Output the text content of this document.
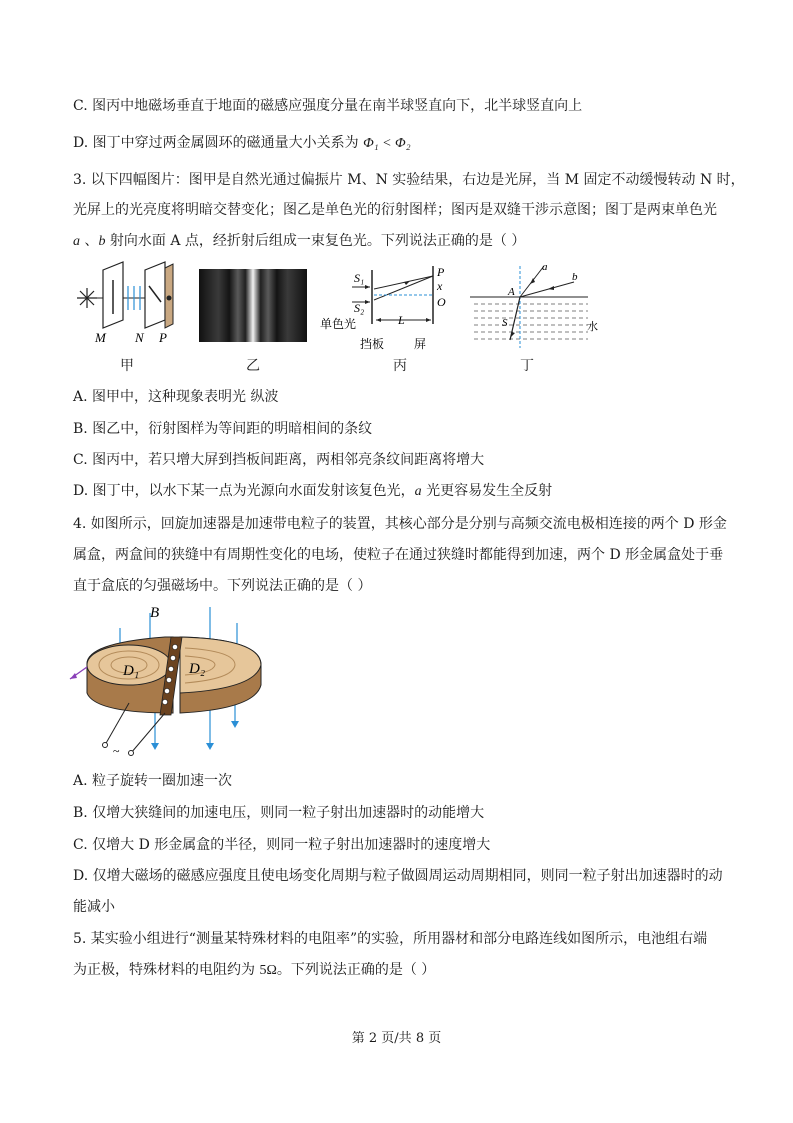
C. 图丙中地磁场垂直于地面的磁感应强度分量在南半球竖直向下，北半球竖直向上
D. 图丁中穿过两金属圆环的磁通量大小关系为 Φ₁ < Φ₂
3. 以下四幅图片：图甲是自然光通过偏振片 M、N 实验结果，右边是光屏，当 M 固定不动缓慢转动 N 时，
光屏上的光亮度将明暗交替变化；图乙是单色光的衍射图样；图丙是双缝干涉示意图；图丁是两束单色光
a 、b 射向水面 A 点，经折射后组成一束复色光。下列说法正确的是（ ）
M N P
甲	乙
S₁
S₂
单色光	L
P
x
O
挡板 屏
丙
a
b
A
S	水
丁
A. 图甲中，这种现象表明光 纵波
B. 图乙中，衍射图样为等间距的明暗相间的条纹
C. 图丙中，若只增大屏到挡板间距离，两相邻亮条纹间距离将增大
D. 图丁中，以水下某一点为光源向水面发射该复色光，a 光更容易发生全反射
4. 如图所示，回旋加速器是加速带电粒子的装置，其核心部分是分别与高频交流电极相连接的两个 D 形金
属盒，两盒间的狭缝中有周期性变化的电场，使粒子在通过狭缝时都能得到加速，两个 D 形金属盒处于垂
直于盒底的匀强磁场中。下列说法正确的是（ ）
B
D₁	D₂
~
A. 粒子旋转一圈加速一次
B. 仅增大狭缝间的加速电压，则同一粒子射出加速器时的动能增大
C. 仅增大 D 形金属盒的半径，则同一粒子射出加速器时的速度增大
D. 仅增大磁场的磁感应强度且使电场变化周期与粒子做圆周运动周期相同，则同一粒子射出加速器时的动
能减小
5. 某实验小组进行“测量某特殊材料的电阻率”的实验，所用器材和部分电路连线如图所示，电池组右端
为正极，特殊材料的电阻约为 5Ω。下列说法正确的是（ ）
第 2 页/共 8 页
